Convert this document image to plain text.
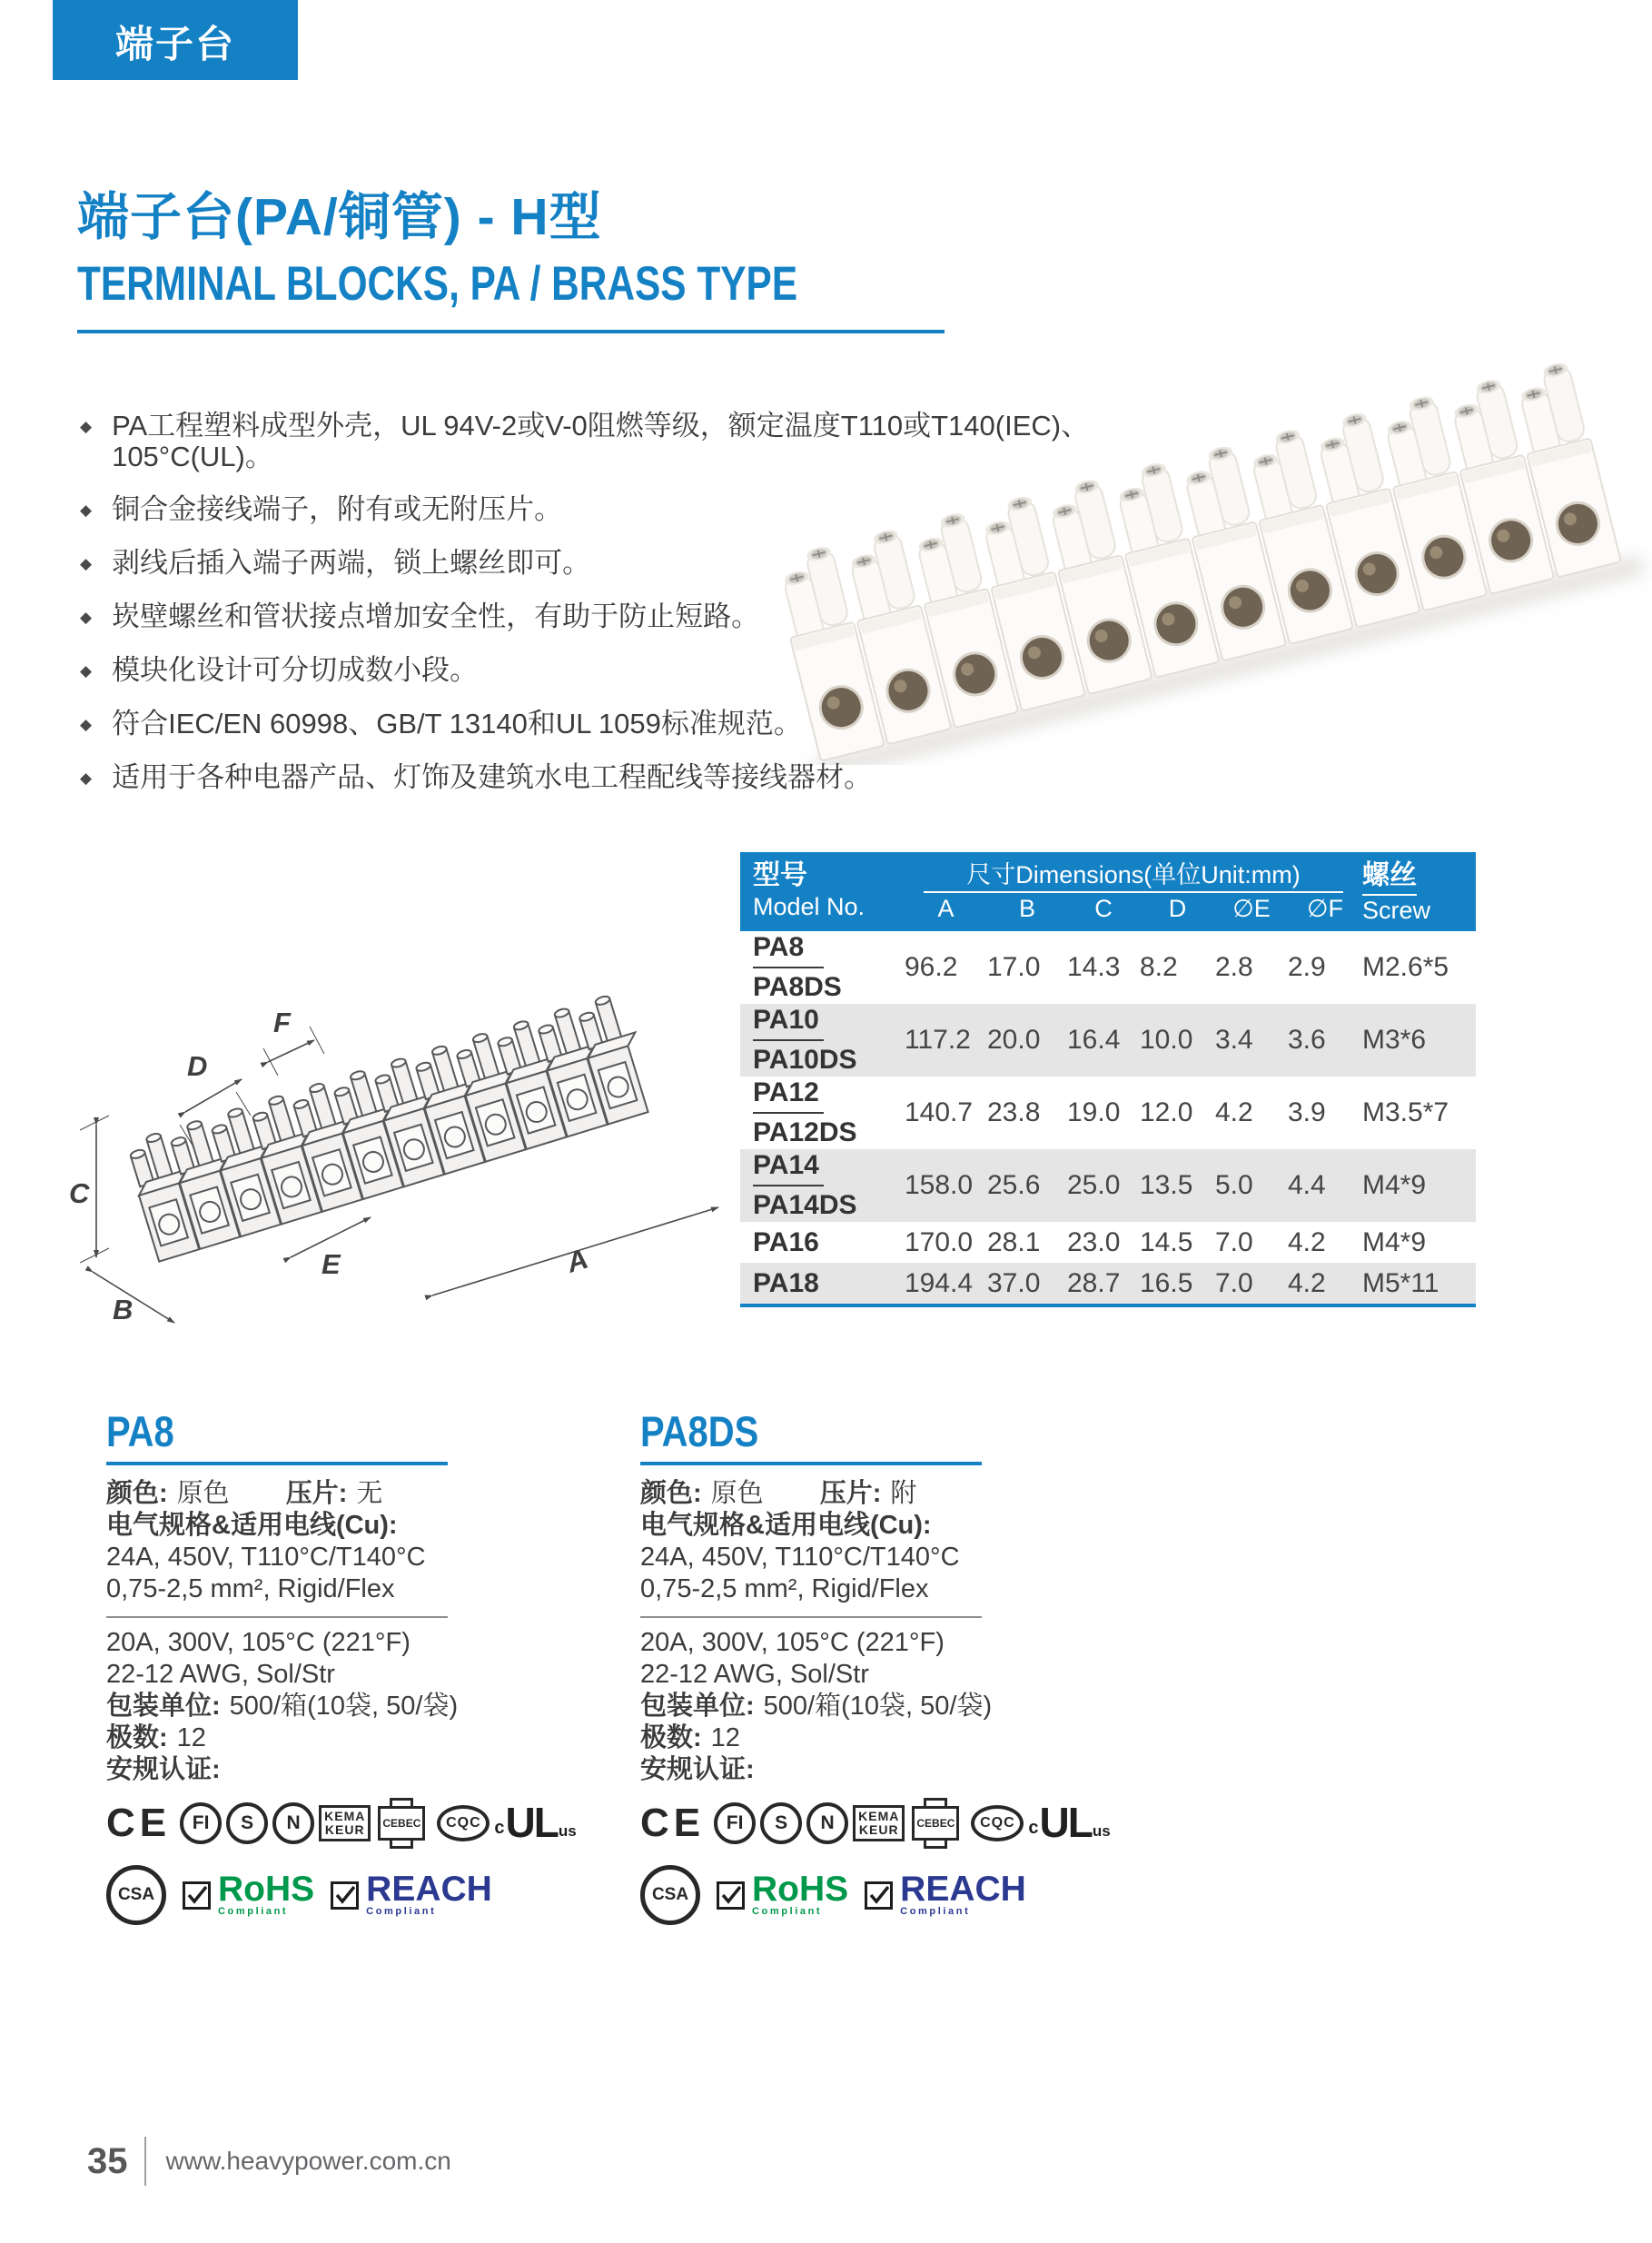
端子台
端子台(PA/铜管) - H型
TERMINAL BLOCKS, PA / BRASS TYPE
◆ PA工程塑料成型外壳，UL 94V-2或V-0阻燃等级，额定温度T110或T140(IEC)、105°C(UL)。
◆ 铜合金接线端子，附有或无附压片。
◆ 剥线后插入端子两端，锁上螺丝即可。
◆ 崁壁螺丝和管状接点增加安全性，有助于防止短路。
◆ 模块化设计可分切成数小段。
◆ 符合IEC/EN 60998、GB/T 13140和UL 1059标准规范。
◆ 适用于各种电器产品、灯饰及建筑水电工程配线等接线器材。
A
B
C
D
F
E
型号
Model No.
尺寸Dimensions(单位Unit:mm)
A	B	C	D	∅E	∅F
螺丝
Screw
PA8
PA8DS
96.2	17.0 14.3 8.2	2.8	2.9	M2.6*5
PA10
PA10DS
117.2 20.0 16.4 10.0 3.4	3.6	M3*6
PA12
PA12DS
140.7 23.8 19.0 12.0 4.2	3.9	M3.5*7
PA14
PA14DS
158.0 25.6 25.0 13.5 5.0	4.4	M4*9
PA16	170.0 28.1 23.0 14.5 7.0	4.2	M4*9
PA18	194.4 37.0 28.7 16.5 7.0	4.2	M5*11
PA8
颜色: 原色 压片: 无
电气规格&适用电线(Cu):
24A, 450V, T110°C/T140°C
0,75-2,5 mm², Rigid/Flex
20A, 300V, 105°C (221°F)
22-12 AWG, Sol/Str
包装单位: 500/箱(10袋, 50/袋)
极数: 12
安规认证:
CE	FI	S	N	KEMA
KEUR	CEBEC	CQC c UL us
CSA	RoHS
Compliant
REACH
Compliant
PA8DS
颜色: 原色 压片: 附
电气规格&适用电线(Cu):
24A, 450V, T110°C/T140°C
0,75-2,5 mm², Rigid/Flex
20A, 300V, 105°C (221°F)
22-12 AWG, Sol/Str
包装单位: 500/箱(10袋, 50/袋)
极数: 12
安规认证:
CE	FI	S	N	KEMA
KEUR	CEBEC	CQC c UL us
CSA	RoHS
Compliant
REACH
Compliant
35 www.heavypower.com.cn
